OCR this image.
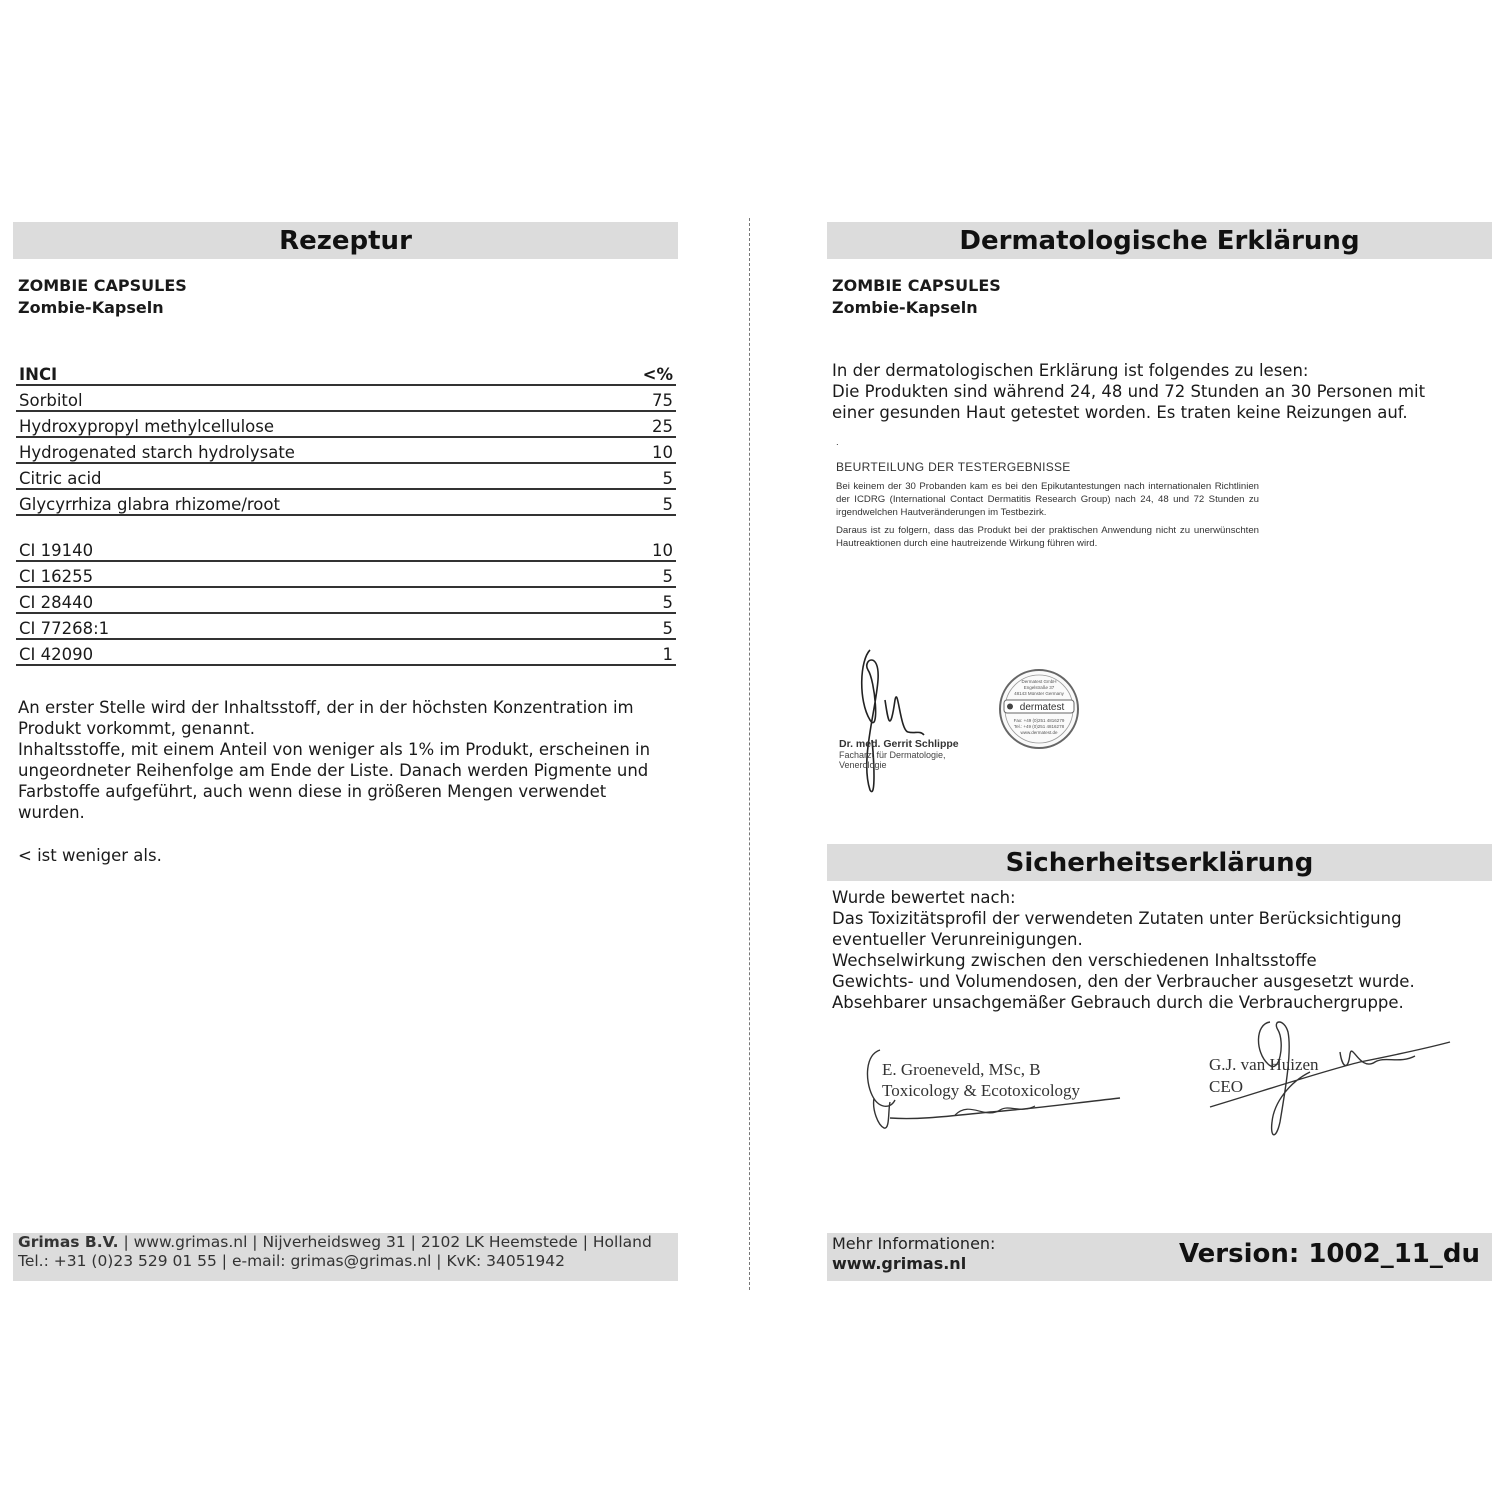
Rezeptur
ZOMBIE CAPSULES
Zombie-Kapseln
INCI	<%
Sorbitol	75
Hydroxypropyl methylcellulose	25
Hydrogenated starch hydrolysate	10
Citric acid	5
Glycyrrhiza glabra rhizome/root	5

CI 19140	10
CI 16255	5
CI 28440	5
CI 77268:1	5
CI 42090	1
An erster Stelle wird der Inhaltsstoff, der in der höchsten Konzentration im
Produkt vorkommt, genannt.
Inhaltsstoffe, mit einem Anteil von weniger als 1% im Produkt, erscheinen in
ungeordneter Reihenfolge am Ende der Liste. Danach werden Pigmente und
Farbstoffe aufgeführt, auch wenn diese in größeren Mengen verwendet
wurden.
< ist weniger als.
Grimas B.V. | www.grimas.nl | Nijverheidsweg 31 | 2102 LK Heemstede | Holland
Tel.: +31 (0)23 529 01 55 | e-mail: grimas@grimas.nl | KvK: 34051942
Dermatologische Erklärung
ZOMBIE CAPSULES
Zombie-Kapseln
In der dermatologischen Erklärung ist folgendes zu lesen:
Die Produkten sind während 24, 48 und 72 Stunden an 30 Personen mit
einer gesunden Haut getestet worden. Es traten keine Reizungen auf.
.
BEURTEILUNG DER TESTERGEBNISSE
Bei keinem der 30 Probanden kam es bei den Epikutantestungen nach internationalen Richtlinien der ICDRG (International Contact Dermatitis Research Group) nach 24, 48 und 72 Stunden zu irgendwelchen Hautveränderungen im Testbezirk.
Daraus ist zu folgern, dass das Produkt bei der praktischen Anwendung nicht zu unerwünschten Hautreaktionen durch eine hautreizende Wirkung führen wird.
Dr. med. Gerrit Schlippe
Facharzt für Dermatologie,
Venerologie
Dermatest GmbH
Engelstraße 37
48143 Münster Germany
dermatest
Fax: +49 (0)251 4816279
Tel.: +49 (0)251 4816278
www.dermatest.de
Sicherheitserklärung
Wurde bewertet nach:
Das Toxizitätsprofil der verwendeten Zutaten unter Berücksichtigung
eventueller Verunreinigungen.
Wechselwirkung zwischen den verschiedenen Inhaltsstoffe
Gewichts- und Volumendosen, den der Verbraucher ausgesetzt wurde.
Absehbarer unsachgemäßer Gebrauch durch die Verbrauchergruppe.
E. Groeneveld, MSc, B
Toxicology & Ecotoxicology
G.J. van Huizen
CEO
Mehr Informationen:
www.grimas.nl	Version: 1002_11_du
